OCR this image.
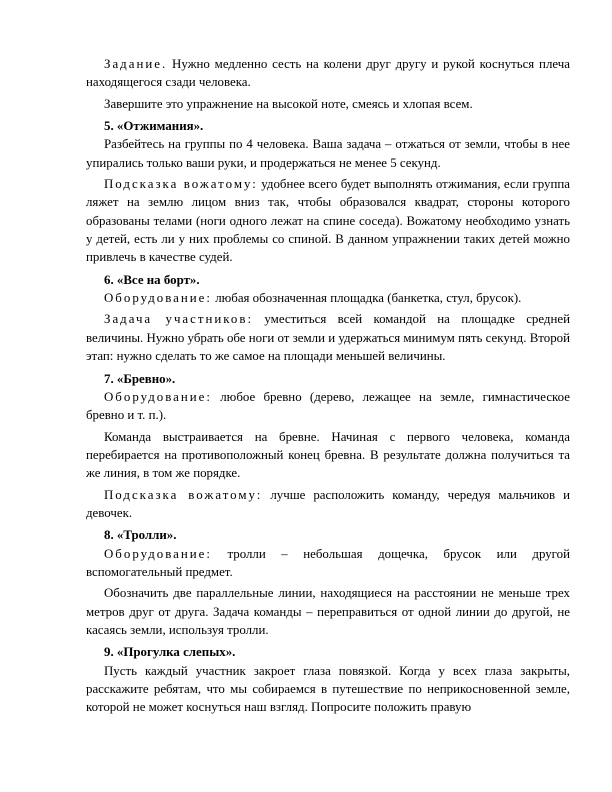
Задание. Нужно медленно сесть на колени друг другу и рукой коснуться плеча находящегося сзади человека.

Завершите это упражнение на высокой ноте, смеясь и хлопая всем.

5. «Отжимания».

Разбейтесь на группы по 4 человека. Ваша задача – отжаться от земли, чтобы в нее упирались только ваши руки, и продержаться не менее 5 секунд.

Подсказка вожатому: удобнее всего будет выполнять отжимания, если группа ляжет на землю лицом вниз так, чтобы образовался квадрат, стороны которого образованы телами (ноги одного лежат на спине соседа). Вожатому необходимо узнать у детей, есть ли у них проблемы со спиной. В данном упражнении таких детей можно привлечь в качестве судей.

6. «Все на борт».

Оборудование: любая обозначенная площадка (банкетка, стул, брусок).

Задача участников: уместиться всей командой на площадке средней величины. Нужно убрать обе ноги от земли и удержаться минимум пять секунд. Второй этап: нужно сделать то же самое на площади меньшей величины.

7. «Бревно».

Оборудование: любое бревно (дерево, лежащее на земле, гимнастическое бревно и т. п.).

Команда выстраивается на бревне. Начиная с первого человека, команда перебирается на противоположный конец бревна. В результате должна получиться та же линия, в том же порядке.

Подсказка вожатому: лучше расположить команду, чередуя мальчиков и девочек.

8. «Тролли».

Оборудование: тролли – небольшая дощечка, брусок или другой вспомогательный предмет.

Обозначить две параллельные линии, находящиеся на расстоянии не меньше трех метров друг от друга. Задача команды – переправиться от одной линии до другой, не касаясь земли, используя тролли.

9. «Прогулка слепых».

Пусть каждый участник закроет глаза повязкой. Когда у всех глаза закрыты, расскажите ребятам, что мы собираемся в путешествие по неприкосновенной земле, которой не может коснуться наш взгляд. Попросите положить правую
